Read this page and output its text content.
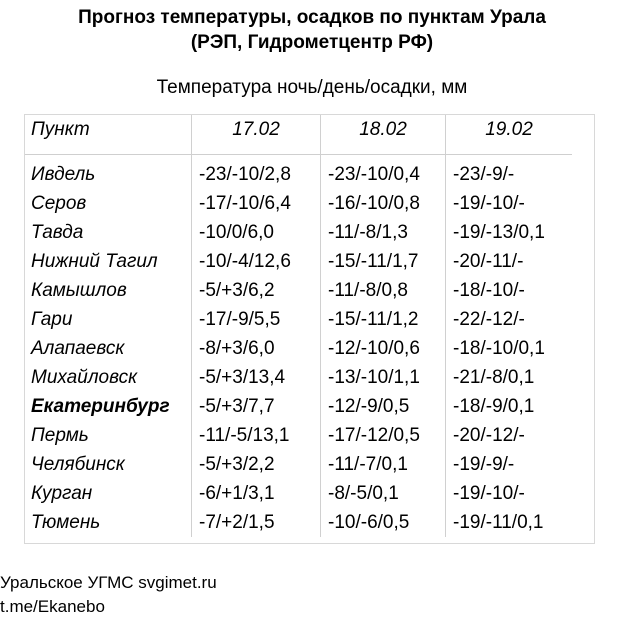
Прогноз температуры, осадков по пунктам Урала
(РЭП, Гидрометцентр РФ)
Температура ночь/день/осадки, мм
Пункт	17.02	18.02	19.02
Ивдель	-23/-10/2,8	-23/-10/0,4	-23/-9/-
Серов	-17/-10/6,4	-16/-10/0,8	-19/-10/-
Тавда	-10/0/6,0	-11/-8/1,3	-19/-13/0,1
Нижний Тагил	-10/-4/12,6	-15/-11/1,7	-20/-11/-
Камышлов	-5/+3/6,2	-11/-8/0,8	-18/-10/-
Гари	-17/-9/5,5	-15/-11/1,2	-22/-12/-
Алапаевск	-8/+3/6,0	-12/-10/0,6	-18/-10/0,1
Михайловск	-5/+3/13,4	-13/-10/1,1	-21/-8/0,1
Екатеринбург	-5/+3/7,7	-12/-9/0,5	-18/-9/0,1
Пермь	-11/-5/13,1	-17/-12/0,5	-20/-12/-
Челябинск	-5/+3/2,2	-11/-7/0,1	-19/-9/-
Курган	-6/+1/3,1	-8/-5/0,1	-19/-10/-
Тюмень	-7/+2/1,5	-10/-6/0,5	-19/-11/0,1
Уральское УГМС svgimet.ru
t.me/Ekanebo
